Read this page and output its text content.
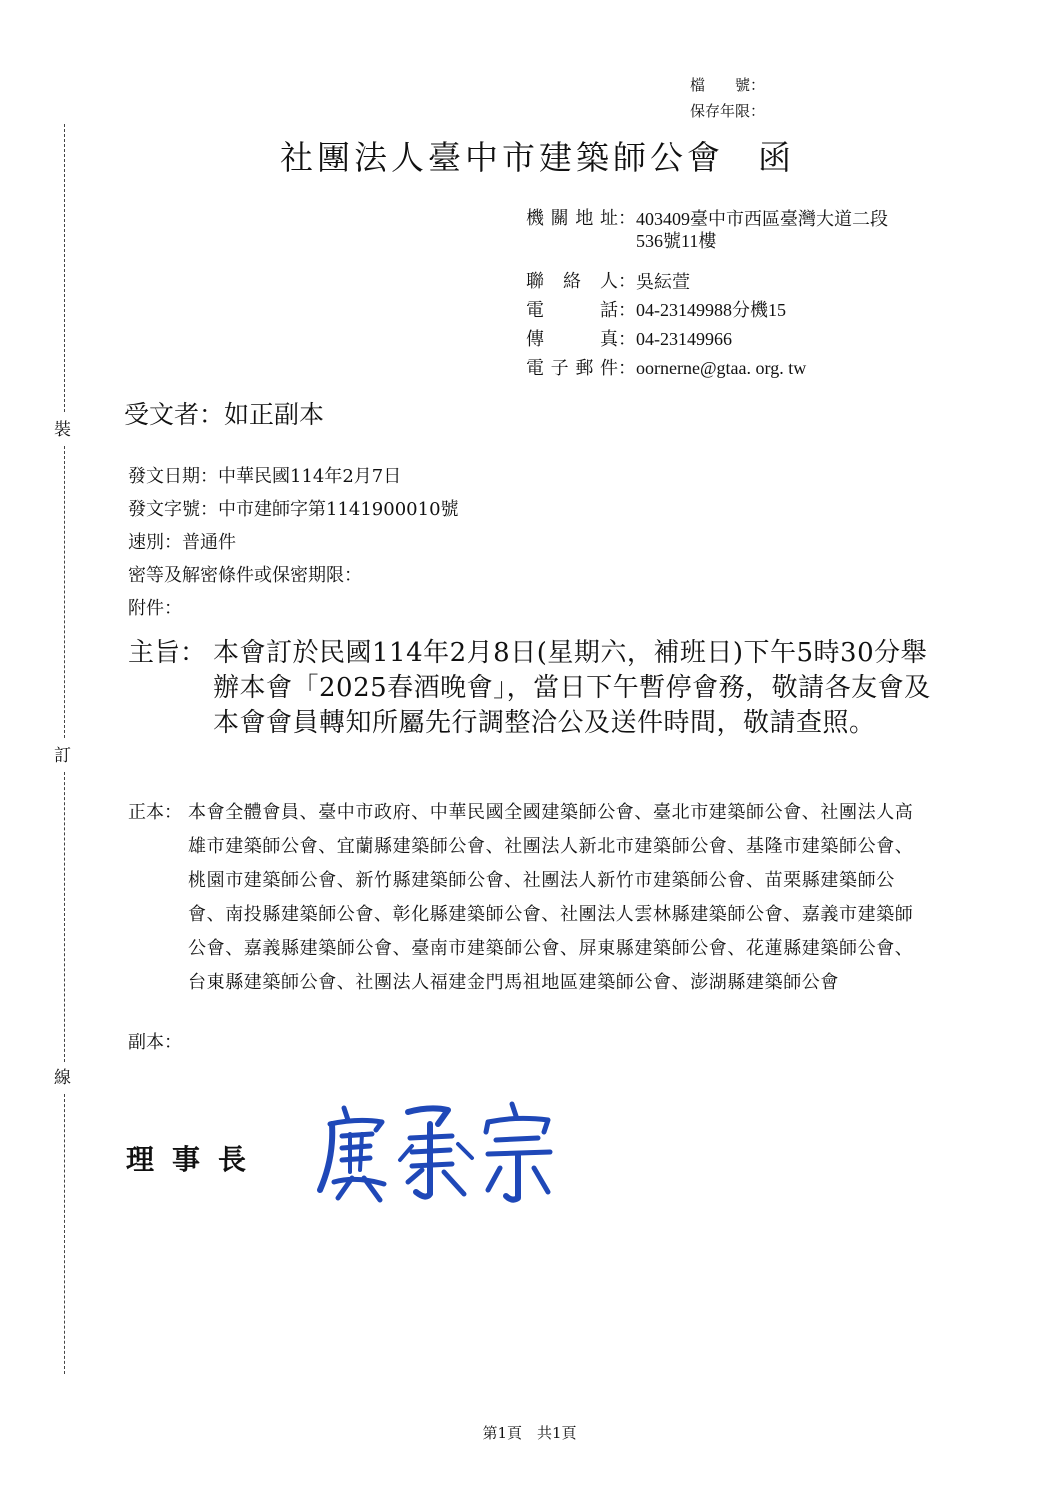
裝
訂
線
檔　　號：
保存年限：
社團法人臺中市建築師公會 函
機關地址 ： 403409臺中市西區臺灣大道二段
536號11樓
聯絡人 ： 吳紜萱
電話 ： 04-23149988分機15
傳真 ： 04-23149966
電子郵件 ： oornerne@gtaa. org. tw
受文者：如正副本
發文日期：中華民國114年2月7日
發文字號：中市建師字第1141900010號
速別：普通件
密等及解密條件或保密期限：
附件：
主旨： 本會訂於民國114年2月8日(星期六，補班日)下午5時30分舉辦本會「2025春酒晚會」，當日下午暫停會務，敬請各友會及本會會員轉知所屬先行調整洽公及送件時間，敬請查照。
正本： 本會全體會員、臺中市政府、中華民國全國建築師公會、臺北市建築師公會、社團法人高雄市建築師公會、宜蘭縣建築師公會、社團法人新北市建築師公會、基隆市建築師公會、桃園市建築師公會、新竹縣建築師公會、社團法人新竹市建築師公會、苗栗縣建築師公會、南投縣建築師公會、彰化縣建築師公會、社團法人雲林縣建築師公會、嘉義市建築師公會、嘉義縣建築師公會、臺南市建築師公會、屏東縣建築師公會、花蓮縣建築師公會、台東縣建築師公會、社團法人福建金門馬祖地區建築師公會、澎湖縣建築師公會
副本：
理事長
第1頁　共1頁
